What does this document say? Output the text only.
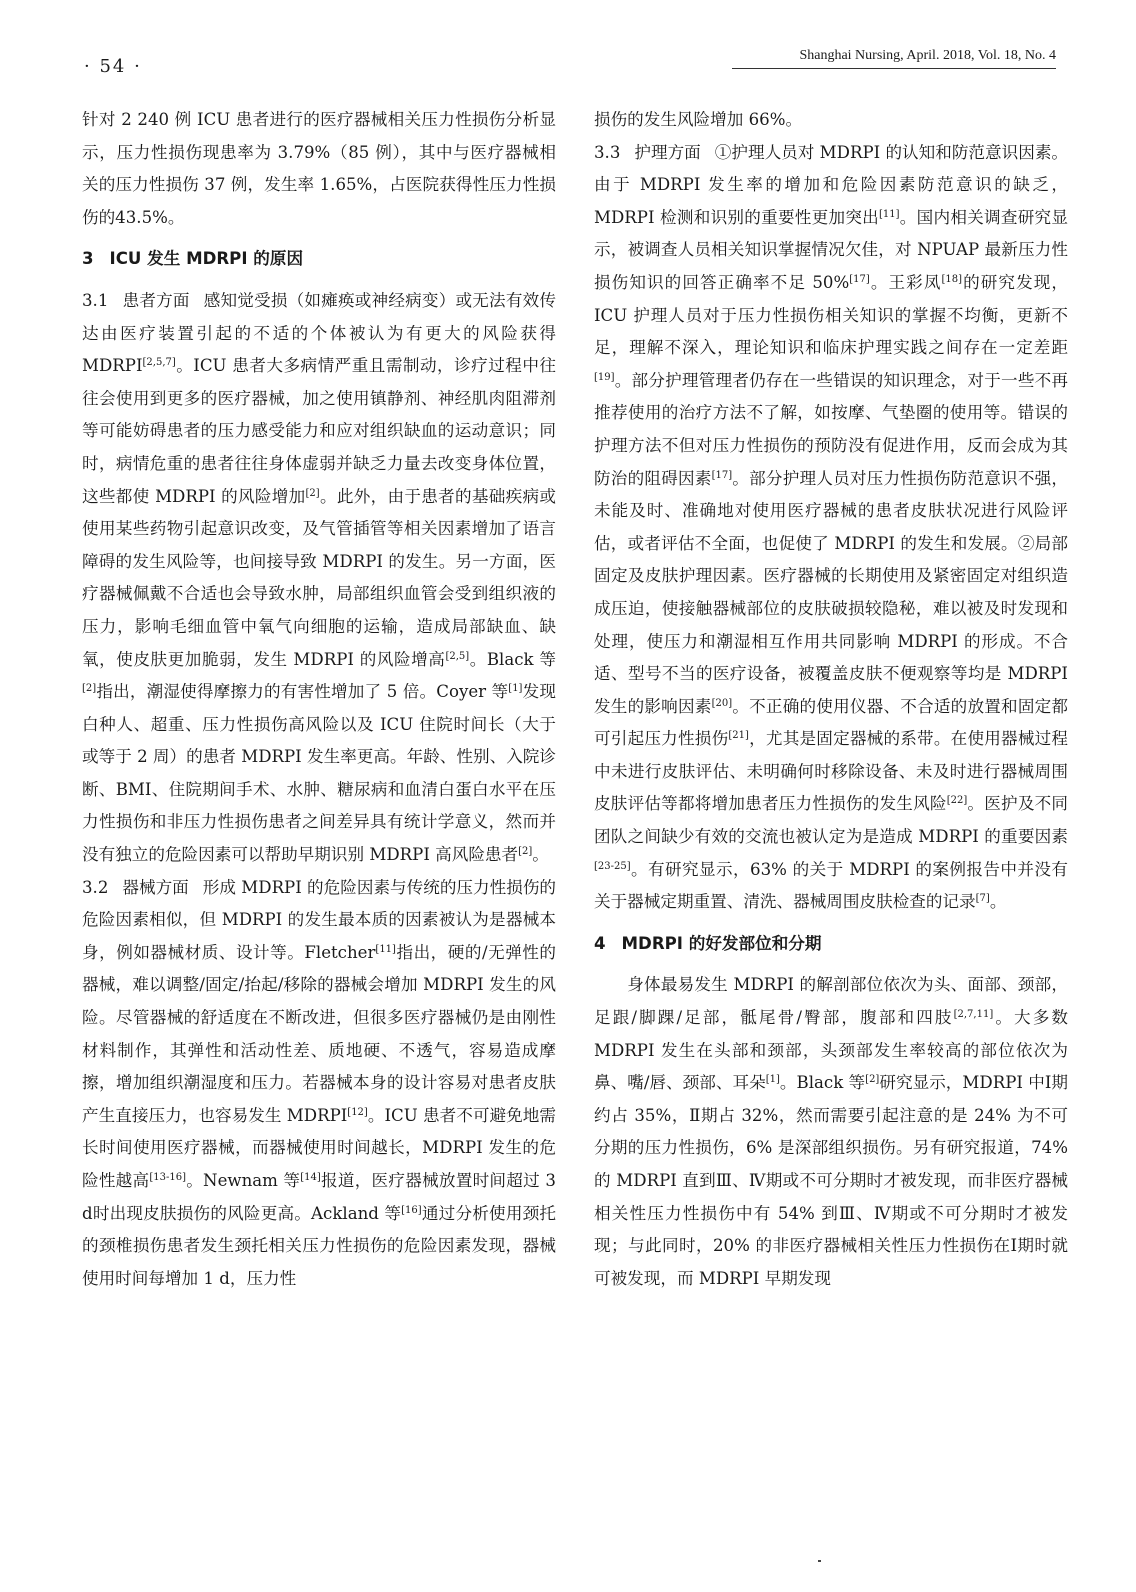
· 54 ·
Shanghai Nursing, April. 2018, Vol. 18, No. 4

针对 2 240 例 ICU 患者进行的医疗器械相关压力性损伤分析显示，压力性损伤现患率为 3.79%（85 例），其中与医疗器械相关的压力性损伤 37 例，发生率 1.65%，占医院获得性压力性损伤的43.5%。

3 ICU 发生 MDRPI 的原因

3.1 患者方面 感知觉受损（如瘫痪或神经病变）或无法有效传达由医疗装置引起的不适的个体被认为有更大的风险获得 MDRPI[2,5,7]。ICU 患者大多病情严重且需制动，诊疗过程中往往会使用到更多的医疗器械，加之使用镇静剂、神经肌肉阻滞剂等可能妨碍患者的压力感受能力和应对组织缺血的运动意识；同时，病情危重的患者往往身体虚弱并缺乏力量去改变身体位置，这些都使 MDRPI 的风险增加[2]。此外，由于患者的基础疾病或使用某些药物引起意识改变，及气管插管等相关因素增加了语言障碍的发生风险等，也间接导致 MDRPI 的发生。另一方面，医疗器械佩戴不合适也会导致水肿，局部组织血管会受到组织液的压力，影响毛细血管中氧气向细胞的运输，造成局部缺血、缺氧，使皮肤更加脆弱，发生 MDRPI 的风险增高[2,5]。Black 等[2]指出，潮湿使得摩擦力的有害性增加了 5 倍。Coyer 等[1]发现白种人、超重、压力性损伤高风险以及 ICU 住院时间长（大于或等于 2 周）的患者 MDRPI 发生率更高。年龄、性别、入院诊断、BMI、住院期间手术、水肿、糖尿病和血清白蛋白水平在压力性损伤和非压力性损伤患者之间差异具有统计学意义，然而并没有独立的危险因素可以帮助早期识别 MDRPI 高风险患者[2]。

3.2 器械方面 形成 MDRPI 的危险因素与传统的压力性损伤的危险因素相似，但 MDRPI 的发生最本质的因素被认为是器械本身，例如器械材质、设计等。Fletcher[11]指出，硬的/无弹性的器械，难以调整/固定/抬起/移除的器械会增加 MDRPI 发生的风险。尽管器械的舒适度在不断改进，但很多医疗器械仍是由刚性材料制作，其弹性和活动性差、质地硬、不透气，容易造成摩擦，增加组织潮湿度和压力。若器械本身的设计容易对患者皮肤产生直接压力，也容易发生 MDRPI[12]。ICU 患者不可避免地需长时间使用医疗器械，而器械使用时间越长，MDRPI 发生的危险性越高[13-16]。Newnam 等[14]报道，医疗器械放置时间超过 3 d时出现皮肤损伤的风险更高。Ackland 等[16]通过分析使用颈托的颈椎损伤患者发生颈托相关压力性损伤的危险因素发现，器械使用时间每增加 1 d，压力性

损伤的发生风险增加 66%。

3.3 护理方面 ①护理人员对 MDRPI 的认知和防范意识因素。由于 MDRPI 发生率的增加和危险因素防范意识的缺乏，MDRPI 检测和识别的重要性更加突出[11]。国内相关调查研究显示，被调查人员相关知识掌握情况欠佳，对 NPUAP 最新压力性损伤知识的回答正确率不足 50%[17]。王彩凤[18]的研究发现，ICU 护理人员对于压力性损伤相关知识的掌握不均衡，更新不足，理解不深入，理论知识和临床护理实践之间存在一定差距[19]。部分护理管理者仍存在一些错误的知识理念，对于一些不再推荐使用的治疗方法不了解，如按摩、气垫圈的使用等。错误的护理方法不但对压力性损伤的预防没有促进作用，反而会成为其防治的阻碍因素[17]。部分护理人员对压力性损伤防范意识不强，未能及时、准确地对使用医疗器械的患者皮肤状况进行风险评估，或者评估不全面，也促使了 MDRPI 的发生和发展。②局部固定及皮肤护理因素。医疗器械的长期使用及紧密固定对组织造成压迫，使接触器械部位的皮肤破损较隐秘，难以被及时发现和处理，使压力和潮湿相互作用共同影响 MDRPI 的形成。不合适、型号不当的医疗设备，被覆盖皮肤不便观察等均是 MDRPI 发生的影响因素[20]。不正确的使用仪器、不合适的放置和固定都可引起压力性损伤[21]，尤其是固定器械的系带。在使用器械过程中未进行皮肤评估、未明确何时移除设备、未及时进行器械周围皮肤评估等都将增加患者压力性损伤的发生风险[22]。医护及不同团队之间缺少有效的交流也被认定为是造成 MDRPI 的重要因素[23-25]。有研究显示，63% 的关于 MDRPI 的案例报告中并没有关于器械定期重置、清洗、器械周围皮肤检查的记录[7]。

4 MDRPI 的好发部位和分期

身体最易发生 MDRPI 的解剖部位依次为头、面部、颈部，足跟/脚踝/足部，骶尾骨/臀部，腹部和四肢[2,7,11]。大多数 MDRPI 发生在头部和颈部，头颈部发生率较高的部位依次为鼻、嘴/唇、颈部、耳朵[1]。Black 等[2]研究显示，MDRPI 中Ⅰ期约占 35%，Ⅱ期占 32%，然而需要引起注意的是 24% 为不可分期的压力性损伤，6% 是深部组织损伤。另有研究报道，74% 的 MDRPI 直到Ⅲ、Ⅳ期或不可分期时才被发现，而非医疗器械相关性压力性损伤中有 54% 到Ⅲ、Ⅳ期或不可分期时才被发现；与此同时，20% 的非医疗器械相关性压力性损伤在Ⅰ期时就可被发现，而 MDRPI 早期发现
